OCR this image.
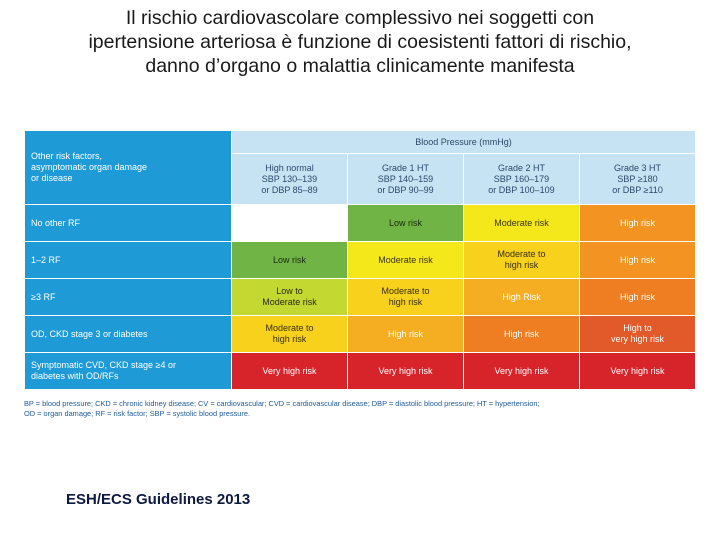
Il rischio cardiovascolare complessivo nei soggetti con
ipertensione arteriosa è funzione di coesistenti fattori di rischio,
danno d’organo o malattia clinicamente manifesta
Other risk factors,
asymptomatic organ damage
or disease	Blood Pressure (mmHg)			
	High normal
SBP 130–139
or DBP 85–89	Grade 1 HT
SBP 140–159
or DBP 90–99	Grade 2 HT
SBP 160–179
or DBP 100–109	Grade 3 HT
SBP ≥180
or DBP ≥110
No other RF		Low risk	Moderate risk	High risk
1–2 RF	Low risk	Moderate risk	Moderate to
high risk	High risk
≥3 RF	Low to
Moderate risk	Moderate to
high risk	High Risk	High risk
OD, CKD stage 3 or diabetes	Moderate to
high risk	High risk	High risk	High to
very high risk
Symptomatic CVD, CKD stage ≥4 or
diabetes with OD/RFs	Very high risk	Very high risk	Very high risk	Very high risk
BP = blood pressure; CKD = chronic kidney disease; CV = cardiovascular; CVD = cardiovascular disease; DBP = diastolic blood pressure; HT = hypertension;
OD = organ damage; RF = risk factor; SBP = systolic blood pressure.
ESH/ECS Guidelines 2013
